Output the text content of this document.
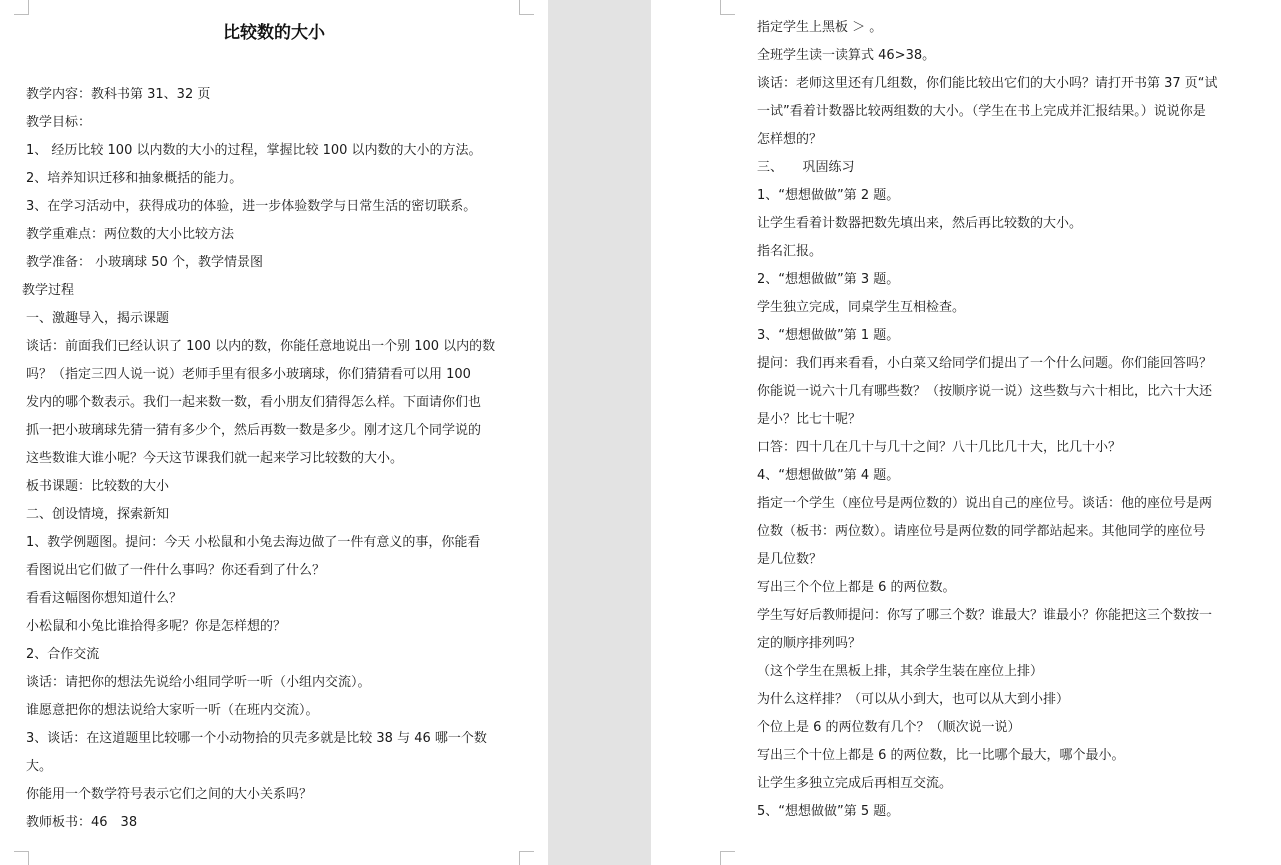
比较数的大小
教学内容：教科书第 31、32 页
教学目标：
1、 经历比较 100 以内数的大小的过程，掌握比较 100 以内数的大小的方法。
2、培养知识迁移和抽象概括的能力。
3、在学习活动中，获得成功的体验，进一步体验数学与日常生活的密切联系。
教学重难点：两位数的大小比较方法
教学准备： 小玻璃球 50 个，教学情景图
教学过程
一、激趣导入，揭示课题
谈话：前面我们已经认识了 100 以内的数，你能任意地说出一个别 100 以内的数
吗？（指定三四人说一说）老师手里有很多小玻璃球，你们猜猜看可以用 100
发内的哪个数表示。我们一起来数一数，看小朋友们猜得怎么样。下面请你们也
抓一把小玻璃球先猜一猜有多少个，然后再数一数是多少。刚才这几个同学说的
这些数谁大谁小呢？今天这节课我们就一起来学习比较数的大小。
板书课题：比较数的大小
二、创设情境，探索新知
1、教学例题图。提问：今天 小松鼠和小兔去海边做了一件有意义的事，你能看
看图说出它们做了一件什么事吗？你还看到了什么？
看看这幅图你想知道什么？
小松鼠和小兔比谁拾得多呢？你是怎样想的？
2、合作交流
谈话：请把你的想法先说给小组同学听一听（小组内交流）。
谁愿意把你的想法说给大家听一听（在班内交流）。
3、谈话：在这道题里比较哪一个小动物拾的贝壳多就是比较 38 与 46 哪一个数
大。
你能用一个数学符号表示它们之间的大小关系吗？
教师板书：46　38
指定学生上黑板 ＞ 。
全班学生读一读算式 46>38。
谈话：老师这里还有几组数，你们能比较出它们的大小吗？请打开书第 37 页“试
一试”看着计数器比较两组数的大小。（学生在书上完成并汇报结果。）说说你是
怎样想的？
三、　　巩固练习
1、“想想做做”第 2 题。
让学生看着计数器把数先填出来，然后再比较数的大小。
指名汇报。
2、“想想做做”第 3 题。
学生独立完成，同桌学生互相检查。
3、“想想做做”第 1 题。
提问：我们再来看看，小白菜又给同学们提出了一个什么问题。你们能回答吗？
你能说一说六十几有哪些数？（按顺序说一说）这些数与六十相比，比六十大还
是小？比七十呢？
口答：四十几在几十与几十之间？八十几比几十大，比几十小？
4、“想想做做”第 4 题。
指定一个学生（座位号是两位数的）说出自己的座位号。谈话：他的座位号是两
位数（板书：两位数）。请座位号是两位数的同学都站起来。其他同学的座位号
是几位数？
写出三个个位上都是 6 的两位数。
学生写好后教师提问：你写了哪三个数？谁最大？谁最小？你能把这三个数按一
定的顺序排列吗？
（这个学生在黑板上排，其余学生装在座位上排）
为什么这样排？（可以从小到大，也可以从大到小排）
个位上是 6 的两位数有几个？（顺次说一说）
写出三个十位上都是 6 的两位数，比一比哪个最大，哪个最小。
让学生多独立完成后再相互交流。
5、“想想做做”第 5 题。
